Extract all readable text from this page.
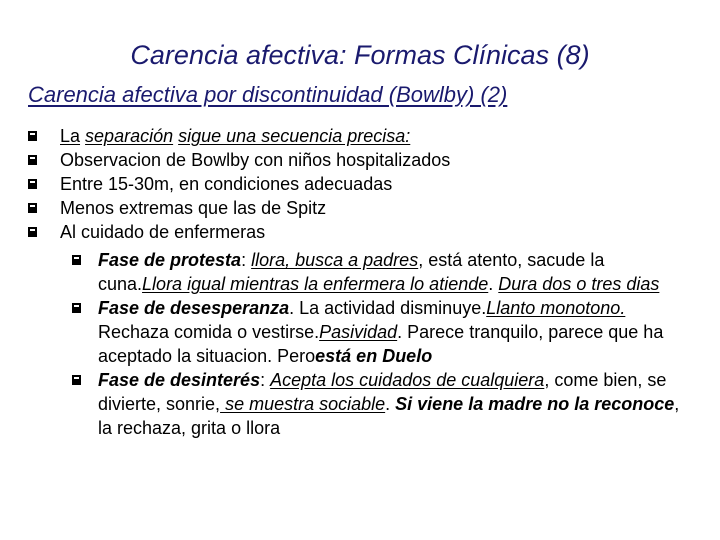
Carencia afectiva: Formas Clínicas (8)
Carencia afectiva por discontinuidad (Bowlby) (2)
La separación sigue una secuencia precisa:
Observacion de Bowlby con niños hospitalizados
Entre 15-30m, en condiciones adecuadas
Menos extremas que las de Spitz
Al cuidado de enfermeras
Fase de protesta: llora, busca a padres, está atento, sacude la cuna.Llora igual mientras la enfermera lo atiende. Dura dos o tres dias
Fase de desesperanza. La actividad disminuye.Llanto monotono. Rechaza comida o vestirse.Pasividad. Parece tranquilo, parece que ha aceptado la situacion. Peroestá en Duelo
Fase de desinterés: Acepta los cuidados de cualquiera, come bien, se divierte, sonrie, se muestra sociable. Si viene la madre no la reconoce, la rechaza, grita o llora
